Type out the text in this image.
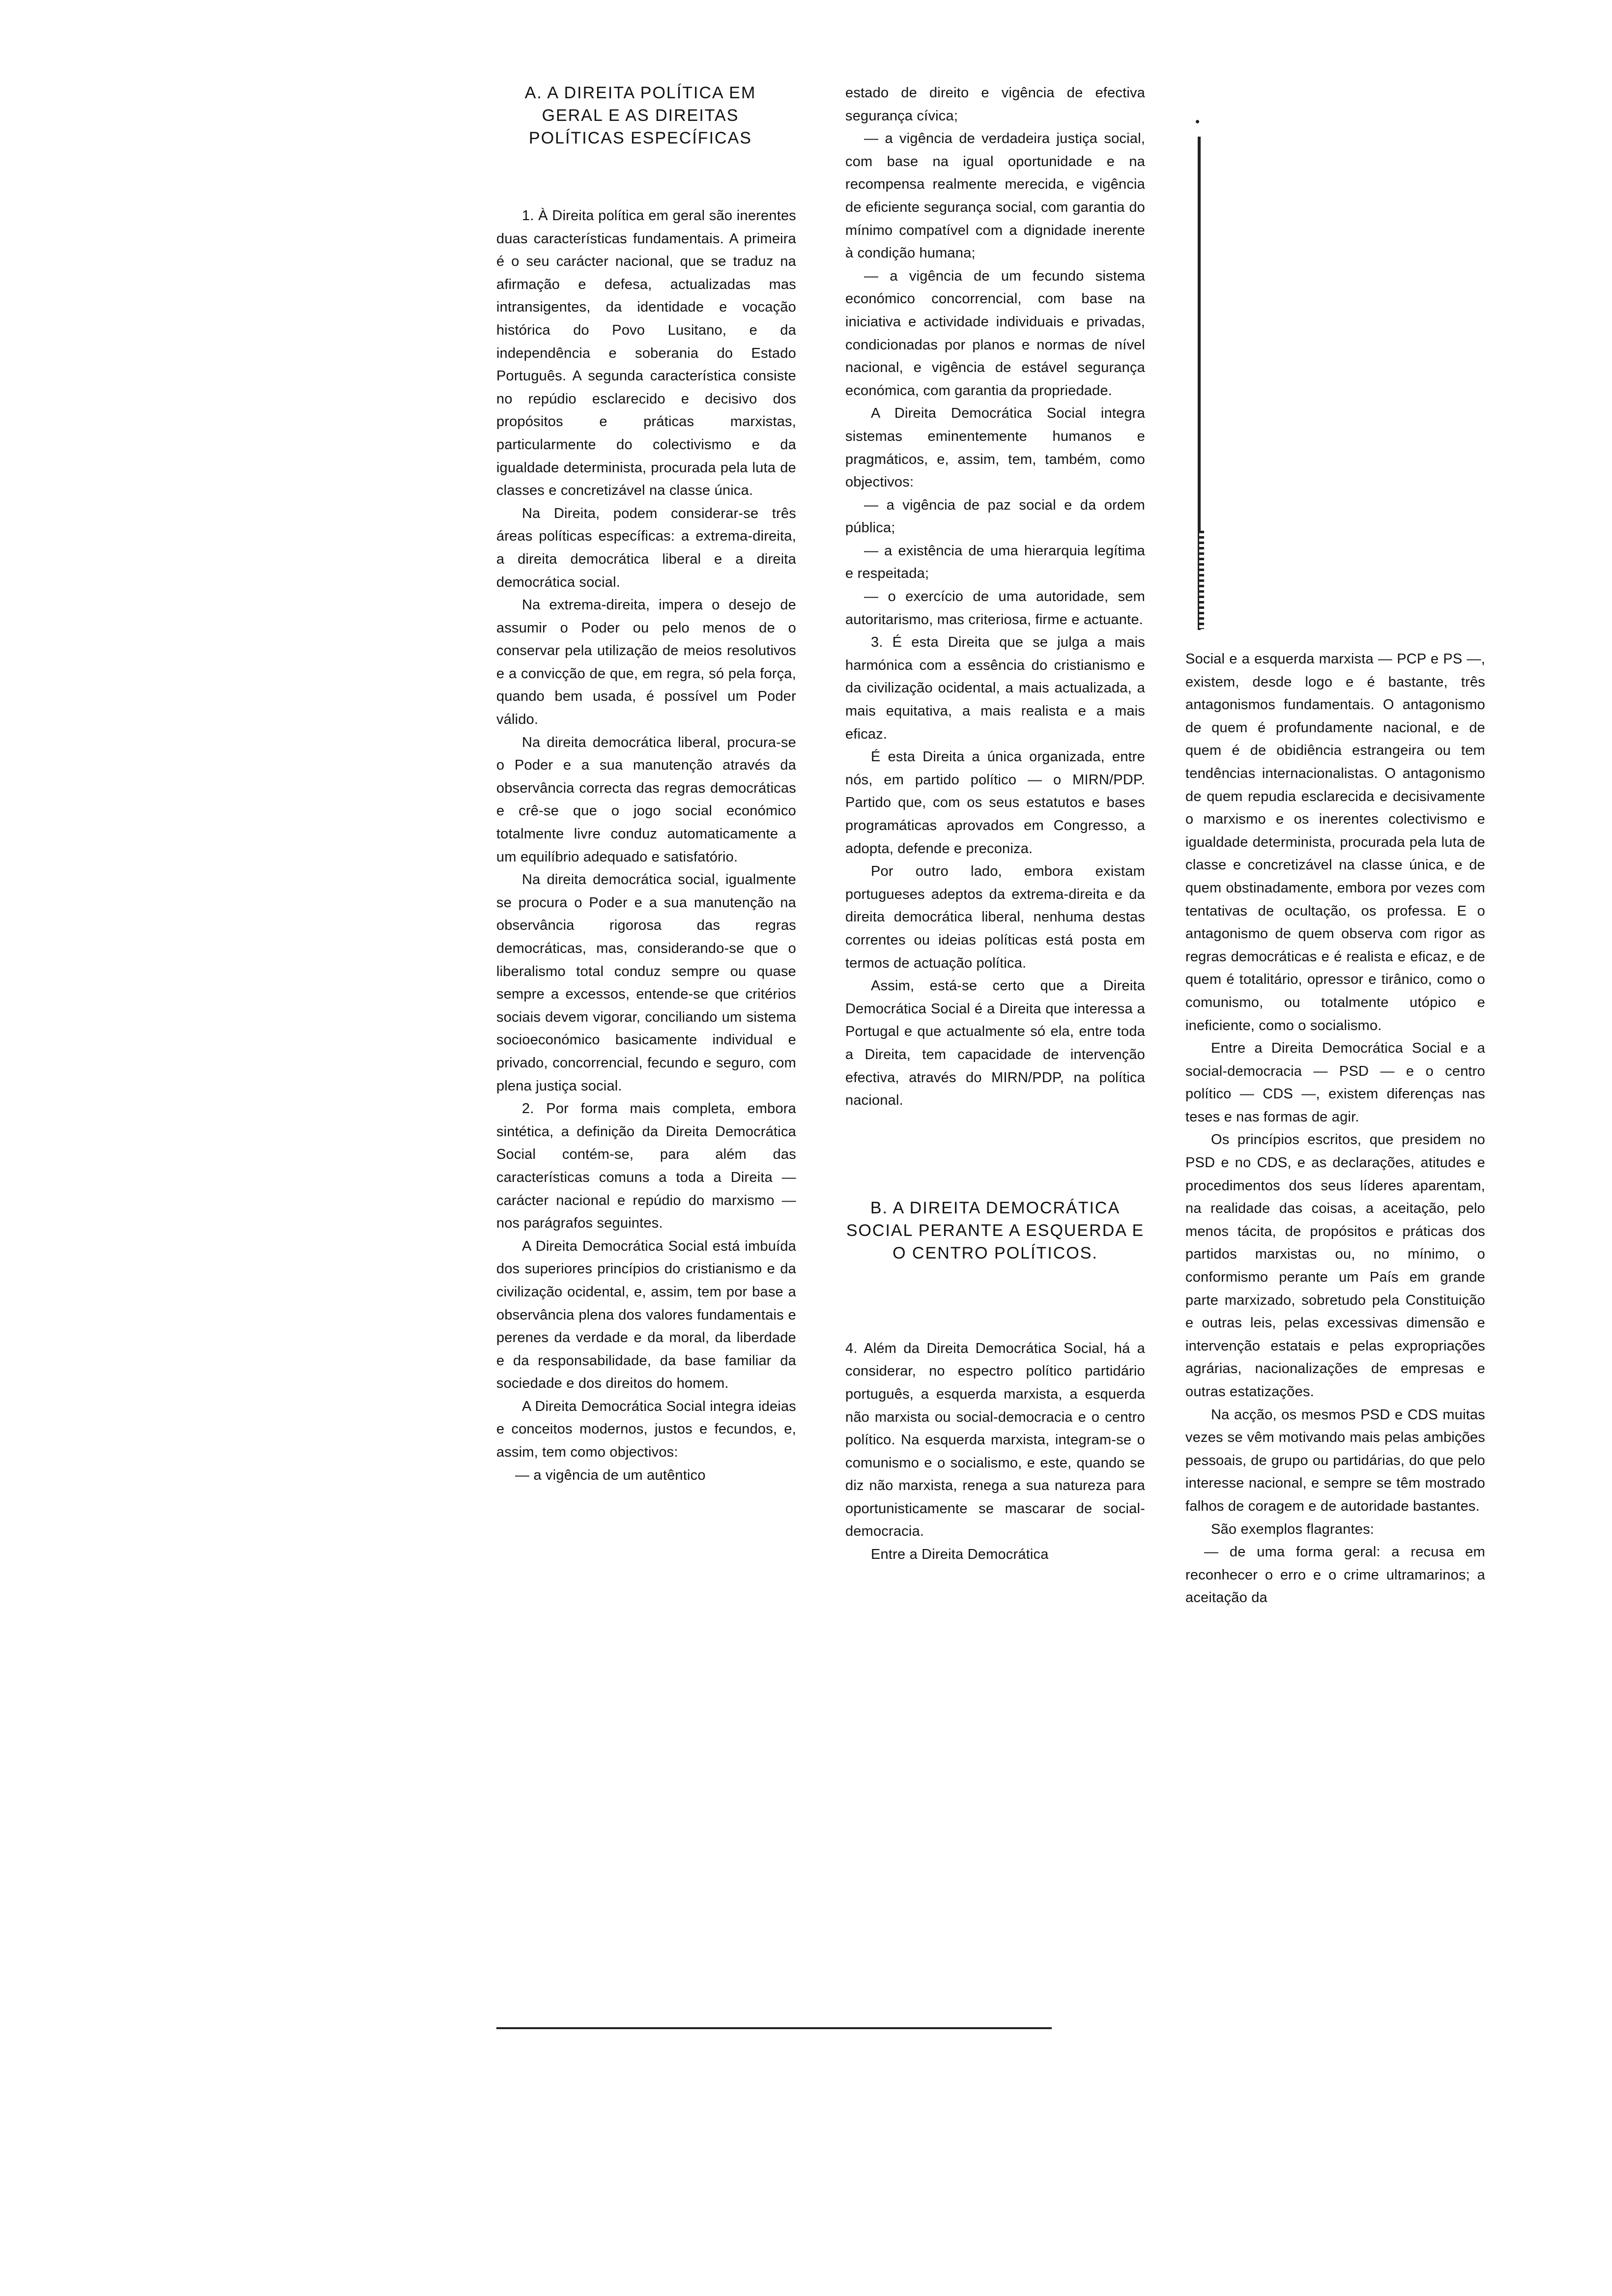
A. A DIREITA POLÍTICA EM GERAL E AS DIREITAS POLÍTICAS ESPECÍFICAS

1. À Direita política em geral são inerentes duas características fundamentais. A primeira é o seu carácter nacional, que se traduz na afirmação e defesa, actualizadas mas intransigentes, da identidade e vocação histórica do Povo Lusitano, e da independência e soberania do Estado Português. A segunda característica consiste no repúdio esclarecido e decisivo dos propósitos e práticas marxistas, particularmente do colectivismo e da igualdade determinista, procurada pela luta de classes e concretizável na classe única.

Na Direita, podem considerar-se três áreas políticas específicas: a extrema-direita, a direita democrática liberal e a direita democrática social.

Na extrema-direita, impera o desejo de assumir o Poder ou pelo menos de o conservar pela utilização de meios resolutivos e a convicção de que, em regra, só pela força, quando bem usada, é possível um Poder válido.

Na direita democrática liberal, procura-se o Poder e a sua manutenção através da observância correcta das regras democráticas e crê-se que o jogo social económico totalmente livre conduz automaticamente a um equilíbrio adequado e satisfatório.

Na direita democrática social, igualmente se procura o Poder e a sua manutenção na observância rigorosa das regras democráticas, mas, considerando-se que o liberalismo total conduz sempre ou quase sempre a excessos, entende-se que critérios sociais devem vigorar, conciliando um sistema socioeconómico basicamente individual e privado, concorrencial, fecundo e seguro, com plena justiça social.

2. Por forma mais completa, embora sintética, a definição da Direita Democrática Social contém-se, para além das características comuns a toda a Direita — carácter nacional e repúdio do marxismo — nos parágrafos seguintes.

A Direita Democrática Social está imbuída dos superiores princípios do cristianismo e da civilização ocidental, e, assim, tem por base a observância plena dos valores fundamentais e perenes da verdade e da moral, da liberdade e da responsabilidade, da base familiar da sociedade e dos direitos do homem.

A Direita Democrática Social integra ideias e conceitos modernos, justos e fecundos, e, assim, tem como objectivos:

— a vigência de um autêntico

estado de direito e vigência de efectiva segurança cívica;

— a vigência de verdadeira justiça social, com base na igual oportunidade e na recompensa realmente merecida, e vigência de eficiente segurança social, com garantia do mínimo compatível com a dignidade inerente à condição humana;

— a vigência de um fecundo sistema económico concorrencial, com base na iniciativa e actividade individuais e privadas, condicionadas por planos e normas de nível nacional, e vigência de estável segurança económica, com garantia da propriedade.

A Direita Democrática Social integra sistemas eminentemente humanos e pragmáticos, e, assim, tem, também, como objectivos:

— a vigência de paz social e da ordem pública;

— a existência de uma hierarquia legítima e respeitada;

— o exercício de uma autoridade, sem autoritarismo, mas criteriosa, firme e actuante.

3. É esta Direita que se julga a mais harmónica com a essência do cristianismo e da civilização ocidental, a mais actualizada, a mais equitativa, a mais realista e a mais eficaz.

É esta Direita a única organizada, entre nós, em partido político — o MIRN/PDP. Partido que, com os seus estatutos e bases programáticas aprovados em Congresso, a adopta, defende e preconiza.

Por outro lado, embora existam portugueses adeptos da extrema-direita e da direita democrática liberal, nenhuma destas correntes ou ideias políticas está posta em termos de actuação política.

Assim, está-se certo que a Direita Democrática Social é a Direita que interessa a Portugal e que actualmente só ela, entre toda a Direita, tem capacidade de intervenção efectiva, através do MIRN/PDP, na política nacional.

B. A DIREITA DEMOCRÁTICA SOCIAL PERANTE A ESQUERDA E O CENTRO POLÍTICOS.

4. Além da Direita Democrática Social, há a considerar, no espectro político partidário português, a esquerda marxista, a esquerda não marxista ou social-democracia e o centro político. Na esquerda marxista, integram-se o comunismo e o socialismo, e este, quando se diz não marxista, renega a sua natureza para oportunisticamente se mascarar de social-democracia.

Entre a Direita Democrática

Social e a esquerda marxista — PCP e PS —, existem, desde logo e é bastante, três antagonismos fundamentais. O antagonismo de quem é profundamente nacional, e de quem é de obidiência estrangeira ou tem tendências internacionalistas. O antagonismo de quem repudia esclarecida e decisivamente o marxismo e os inerentes colectivismo e igualdade determinista, procurada pela luta de classe e concretizável na classe única, e de quem obstinadamente, embora por vezes com tentativas de ocultação, os professa. E o antagonismo de quem observa com rigor as regras democráticas e é realista e eficaz, e de quem é totalitário, opressor e tirânico, como o comunismo, ou totalmente utópico e ineficiente, como o socialismo.

Entre a Direita Democrática Social e a social-democracia — PSD — e o centro político — CDS —, existem diferenças nas teses e nas formas de agir.

Os princípios escritos, que presidem no PSD e no CDS, e as declarações, atitudes e procedimentos dos seus líderes aparentam, na realidade das coisas, a aceitação, pelo menos tácita, de propósitos e práticas dos partidos marxistas ou, no mínimo, o conformismo perante um País em grande parte marxizado, sobretudo pela Constituição e outras leis, pelas excessivas dimensão e intervenção estatais e pelas expropriações agrárias, nacionalizações de empresas e outras estatizações.

Na acção, os mesmos PSD e CDS muitas vezes se vêm motivando mais pelas ambições pessoais, de grupo ou partidárias, do que pelo interesse nacional, e sempre se têm mostrado falhos de coragem e de autoridade bastantes.

São exemplos flagrantes:

— de uma forma geral: a recusa em reconhecer o erro e o crime ultramarinos; a aceitação da
